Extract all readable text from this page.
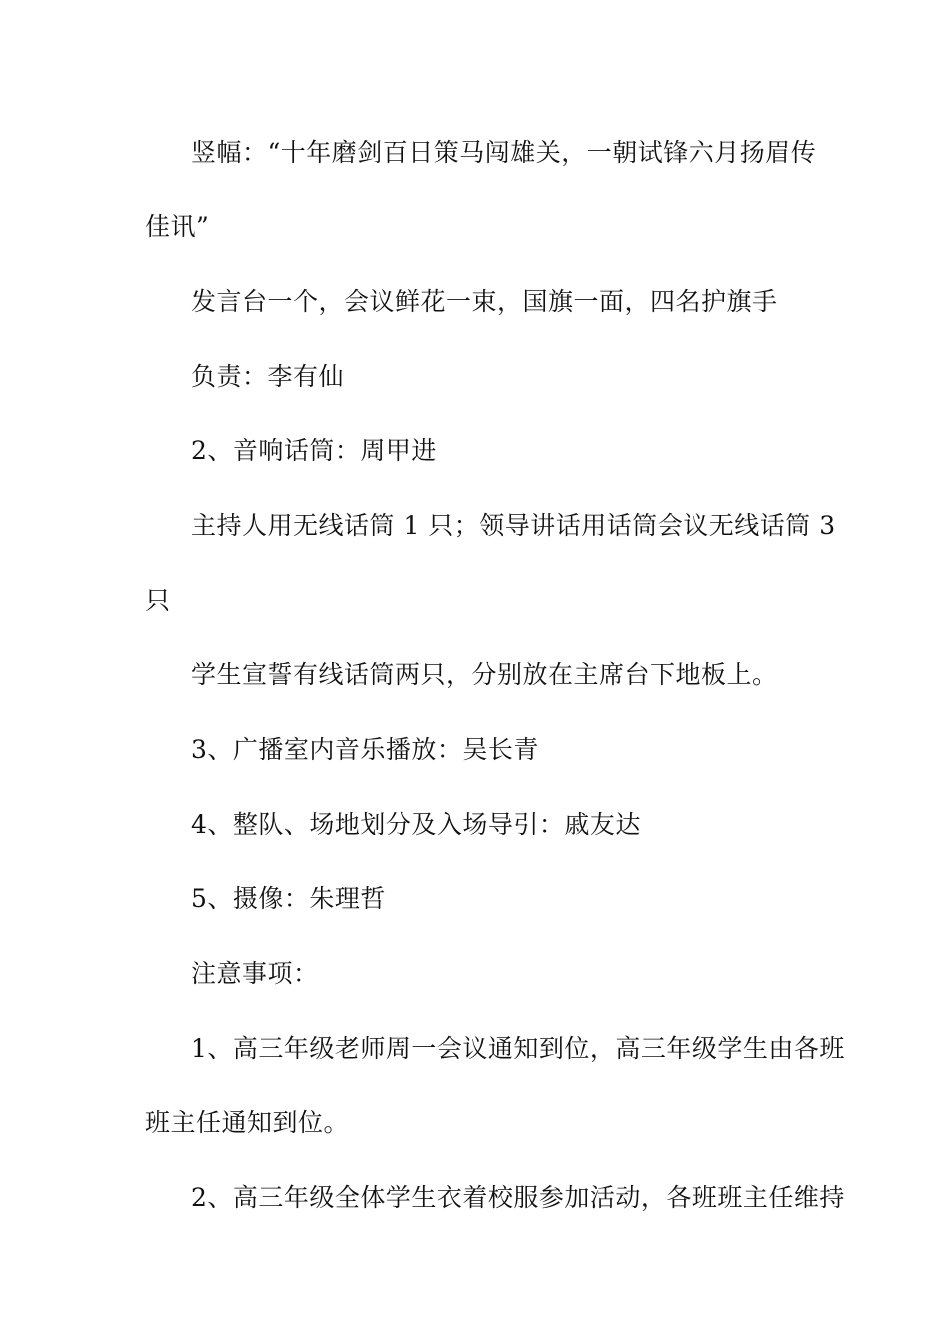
竖幅：“十年磨剑百日策马闯雄关，一朝试锋六月扬眉传
佳讯”
发言台一个，会议鲜花一束，国旗一面，四名护旗手
负责：李有仙
2、音响话筒：周甲进
主持人用无线话筒 1 只；领导讲话用话筒会议无线话筒 3
只
学生宣誓有线话筒两只，分别放在主席台下地板上。
3、广播室内音乐播放：吴长青
4、整队、场地划分及入场导引：戚友达
5、摄像：朱理哲
注意事项：
1、高三年级老师周一会议通知到位，高三年级学生由各班
班主任通知到位。
2、高三年级全体学生衣着校服参加活动，各班班主任维持
